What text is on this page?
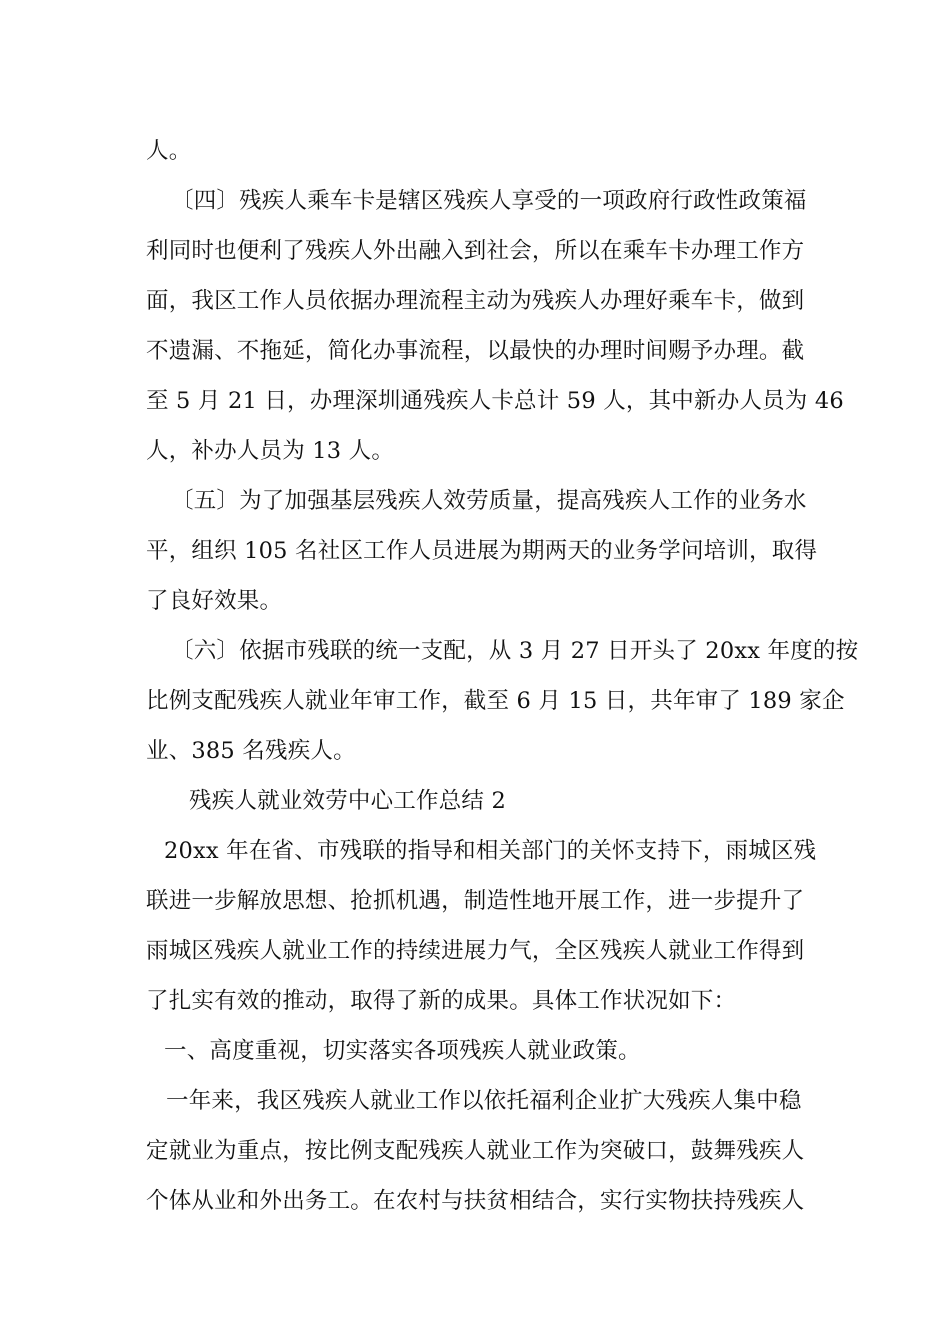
人。
〔四〕残疾人乘车卡是辖区残疾人享受的一项政府行政性政策福
利同时也便利了残疾人外出融入到社会，所以在乘车卡办理工作方
面，我区工作人员依据办理流程主动为残疾人办理好乘车卡，做到
不遗漏、不拖延，简化办事流程，以最快的办理时间赐予办理。截
至 5 月 21 日，办理深圳通残疾人卡总计 59 人，其中新办人员为 46
人，补办人员为 13 人。
〔五〕为了加强基层残疾人效劳质量，提高残疾人工作的业务水
平，组织 105 名社区工作人员进展为期两天的业务学问培训，取得
了良好效果。
〔六〕依据市残联的统一支配，从 3 月 27 日开头了 20xx 年度的按
比例支配残疾人就业年审工作，截至 6 月 15 日，共年审了 189 家企
业、385 名残疾人。
残疾人就业效劳中心工作总结 2
20xx 年在省、市残联的指导和相关部门的关怀支持下，雨城区残
联进一步解放思想、抢抓机遇，制造性地开展工作，进一步提升了
雨城区残疾人就业工作的持续进展力气，全区残疾人就业工作得到
了扎实有效的推动，取得了新的成果。具体工作状况如下：
一、高度重视，切实落实各项残疾人就业政策。
一年来，我区残疾人就业工作以依托福利企业扩大残疾人集中稳
定就业为重点，按比例支配残疾人就业工作为突破口，鼓舞残疾人
个体从业和外出务工。在农村与扶贫相结合，实行实物扶持残疾人
